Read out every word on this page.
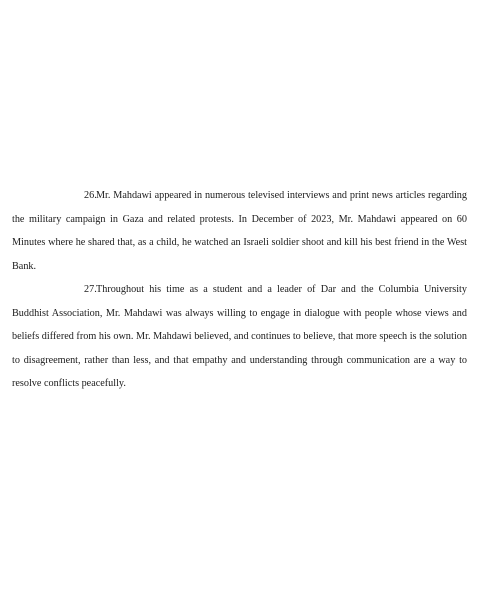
26.Mr. Mahdawi appeared in numerous televised interviews and print news articles regarding the military campaign in Gaza and related protests. In December of 2023, Mr. Mahdawi appeared on 60 Minutes where he shared that, as a child, he watched an Israeli soldier shoot and kill his best friend in the West Bank.

27.Throughout his time as a student and a leader of Dar and the Columbia University Buddhist Association, Mr. Mahdawi was always willing to engage in dialogue with people whose views and beliefs differed from his own. Mr. Mahdawi believed, and continues to believe, that more speech is the solution to disagreement, rather than less, and that empathy and understanding through communication are a way to resolve conflicts peacefully.
